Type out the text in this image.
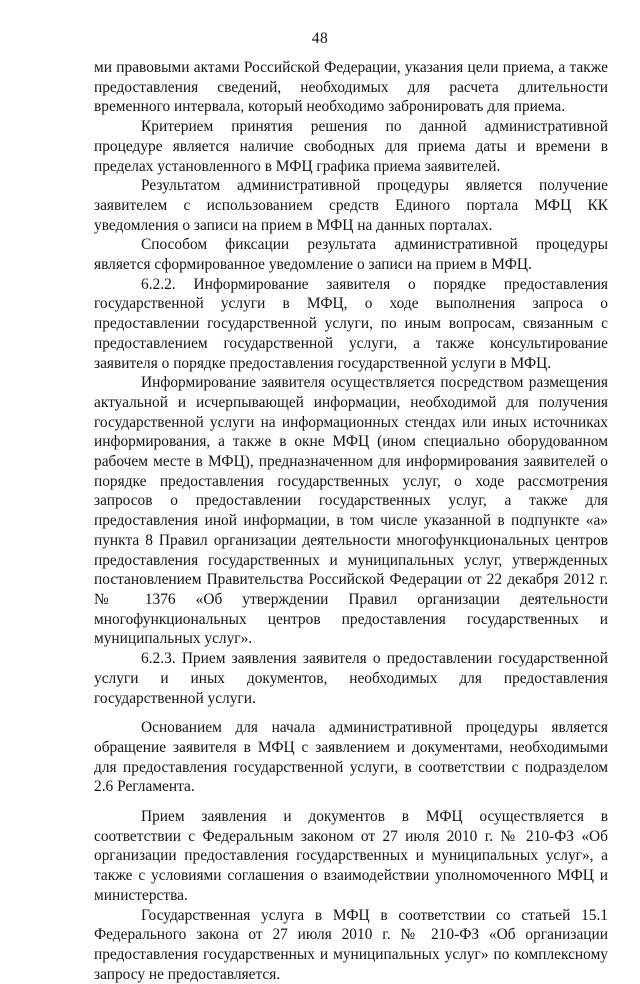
48

ми правовыми актами Российской Федерации, указания цели приема, а также предоставления сведений, необходимых для расчета длительности временного интервала, который необходимо забронировать для приема.

Критерием принятия решения по данной административной процедуре является наличие свободных для приема даты и времени в пределах установленного в МФЦ графика приема заявителей.

Результатом административной процедуры является получение заявителем с использованием средств Единого портала МФЦ КК уведомления о записи на прием в МФЦ на данных порталах.

Способом фиксации результата административной процедуры является сформированное уведомление о записи на прием в МФЦ.

6.2.2. Информирование заявителя о порядке предоставления государственной услуги в МФЦ, о ходе выполнения запроса о предоставлении государственной услуги, по иным вопросам, связанным с предоставлением государственной услуги, а также консультирование заявителя о порядке предоставления государственной услуги в МФЦ.

Информирование заявителя осуществляется посредством размещения актуальной и исчерпывающей информации, необходимой для получения государственной услуги на информационных стендах или иных источниках информирования, а также в окне МФЦ (ином специально оборудованном рабочем месте в МФЦ), предназначенном для информирования заявителей о порядке предоставления государственных услуг, о ходе рассмотрения запросов о предоставлении государственных услуг, а также для предоставления иной информации, в том числе указанной в подпункте «а» пункта 8 Правил организации деятельности многофункциональных центров предоставления государственных и муниципальных услуг, утвержденных постановлением Правительства Российской Федерации от 22 декабря 2012 г. № 1376 «Об утверждении Правил организации деятельности многофункциональных центров предоставления государственных и муниципальных услуг».

6.2.3. Прием заявления заявителя о предоставлении государственной услуги и иных документов, необходимых для предоставления государственной услуги.

Основанием для начала административной процедуры является обращение заявителя в МФЦ с заявлением и документами, необходимыми для предоставления государственной услуги, в соответствии с подразделом 2.6 Регламента.

Прием заявления и документов в МФЦ осуществляется в соответствии с Федеральным законом от 27 июля 2010 г. № 210-ФЗ «Об организации предоставления государственных и муниципальных услуг», а также с условиями соглашения о взаимодействии уполномоченного МФЦ и министерства.

Государственная услуга в МФЦ в соответствии со статьей 15.1 Федерального закона от 27 июля 2010 г. № 210-ФЗ «Об организации предоставления государственных и муниципальных услуг» по комплексному запросу не предоставляется.
